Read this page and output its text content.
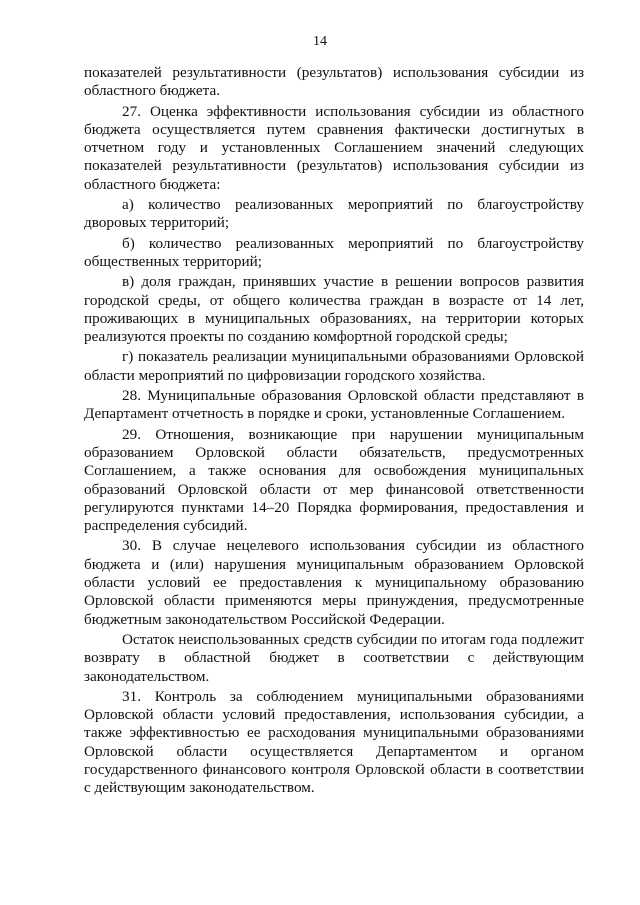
14

показателей результативности (результатов) использования субсидии из областного бюджета.

27. Оценка эффективности использования субсидии из областного бюджета осуществляется путем сравнения фактически достигнутых в отчетном году и установленных Соглашением значений следующих показателей результативности (результатов) использования субсидии из областного бюджета:

а) количество реализованных мероприятий по благоустройству дворовых территорий;

б) количество реализованных мероприятий по благоустройству общественных территорий;

в) доля граждан, принявших участие в решении вопросов развития городской среды, от общего количества граждан в возрасте от 14 лет, проживающих в муниципальных образованиях, на территории которых реализуются проекты по созданию комфортной городской среды;

г) показатель реализации муниципальными образованиями Орловской области мероприятий по цифровизации городского хозяйства.

28. Муниципальные образования Орловской области представляют в Департамент отчетность в порядке и сроки, установленные Соглашением.

29. Отношения, возникающие при нарушении муниципальным образованием Орловской области обязательств, предусмотренных Соглашением, а также основания для освобождения муниципальных образований Орловской области от мер финансовой ответственности регулируются пунктами 14–20 Порядка формирования, предоставления и распределения субсидий.

30. В случае нецелевого использования субсидии из областного бюджета и (или) нарушения муниципальным образованием Орловской области условий ее предоставления к муниципальному образованию Орловской области применяются меры принуждения, предусмотренные бюджетным законодательством Российской Федерации.

Остаток неиспользованных средств субсидии по итогам года подлежит возврату в областной бюджет в соответствии с действующим законодательством.

31. Контроль за соблюдением муниципальными образованиями Орловской области условий предоставления, использования субсидии, а также эффективностью ее расходования муниципальными образованиями Орловской области осуществляется Департаментом и органом государственного финансового контроля Орловской области в соответствии с действующим законодательством.
